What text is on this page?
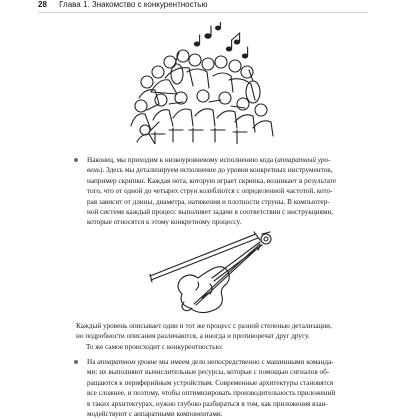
28 Глава 1. Знакомство с конкурентностью
Наконец, мы приходим к низкоуровневому исполнению кода (аппаратный уро-
вень). Здесь мы детализируем исполнение до уровня конкретных инструментов,
например скрипки. Каждая нота, которую играет скрипка, возникает в результате
того, что от одной до четырех струн колеблются с определенной частотой, кото-
рая зависит от длины, диаметра, натяжения и плотности струны. В компьютер-
ной системе каждый процесс выполняет задачи в соответствии с инструкциями,
которые относятся к этому конкретному процессу.
Каждый уровень описывает один и тот же процесс с разной степенью детализации,
но подробности описания различаются, а иногда и противоречат друг другу.
То же самое происходит с конкурентностью:
На аппаратном уровне мы имеем дело непосредственно с машинными команда-
ми: их выполняют вычислительные ресурсы, которые с помощью сигналов об-
ращаются к периферийным устройствам. Современные архитектуры становятся
все сложнее, и поэтому, чтобы оптимизировать производительность приложений
в таких архитектурах, нужно глубоко разбираться в том, как приложения взаи-
модействуют с аппаратными компонентами.
